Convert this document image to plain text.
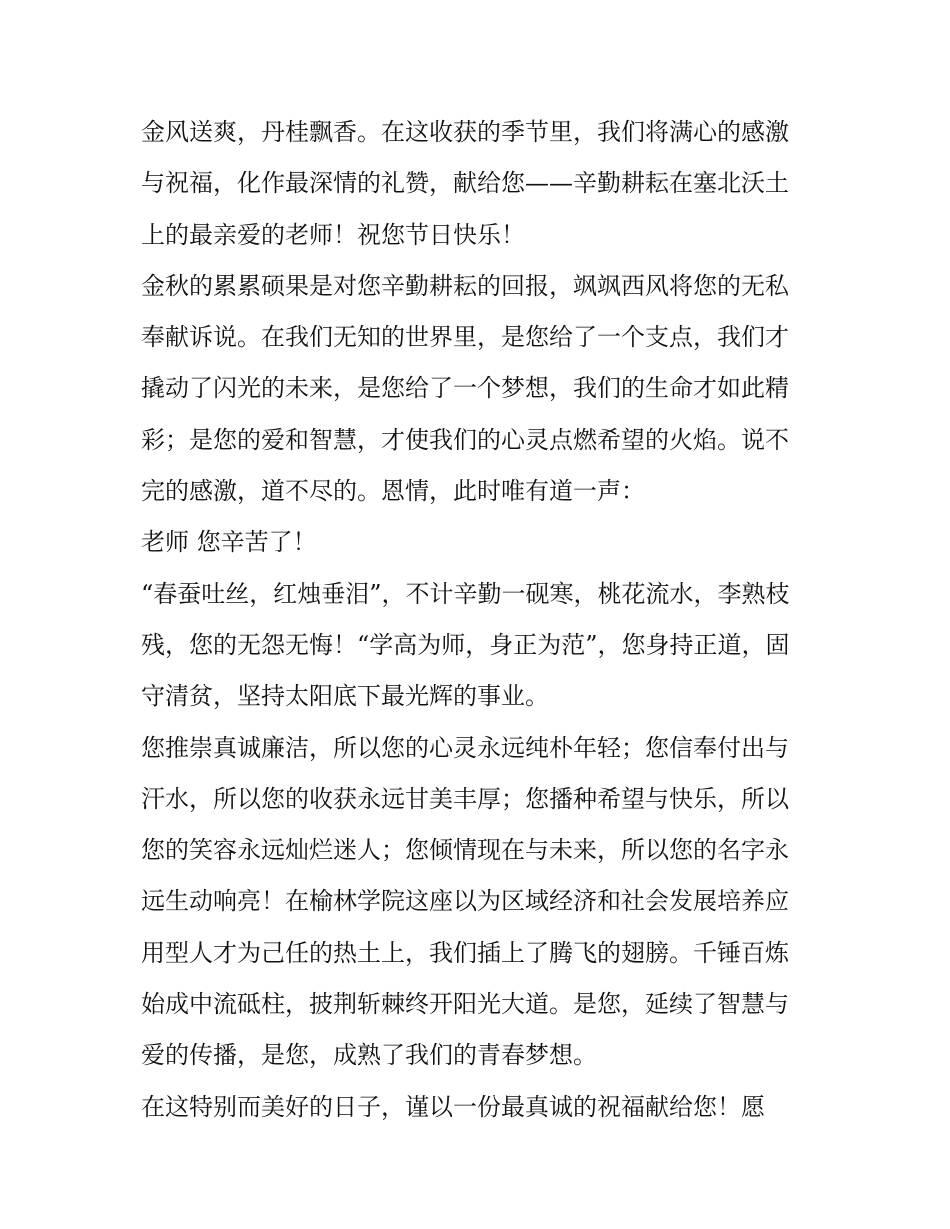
金风送爽，丹桂飘香。在这收获的季节里，我们将满心的感激
与祝福，化作最深情的礼赞，献给您——辛勤耕耘在塞北沃土
上的最亲爱的老师！祝您节日快乐！
金秋的累累硕果是对您辛勤耕耘的回报，飒飒西风将您的无私
奉献诉说。在我们无知的世界里，是您给了一个支点，我们才
撬动了闪光的未来，是您给了一个梦想，我们的生命才如此精
彩；是您的爱和智慧，才使我们的心灵点燃希望的火焰。说不
完的感激，道不尽的。恩情，此时唯有道一声：
老师 您辛苦了！
“春蚕吐丝，红烛垂泪”，不计辛勤一砚寒，桃花流水，李熟枝
残，您的无怨无悔！“学高为师，身正为范”，您身持正道，固
守清贫，坚持太阳底下最光辉的事业。
您推崇真诚廉洁，所以您的心灵永远纯朴年轻；您信奉付出与
汗水，所以您的收获永远甘美丰厚；您播种希望与快乐，所以
您的笑容永远灿烂迷人；您倾情现在与未来，所以您的名字永
远生动响亮！在榆林学院这座以为区域经济和社会发展培养应
用型人才为己任的热土上，我们插上了腾飞的翅膀。千锤百炼
始成中流砥柱，披荆斩棘终开阳光大道。是您，延续了智慧与
爱的传播，是您，成熟了我们的青春梦想。
在这特别而美好的日子，谨以一份最真诚的祝福献给您！愿
